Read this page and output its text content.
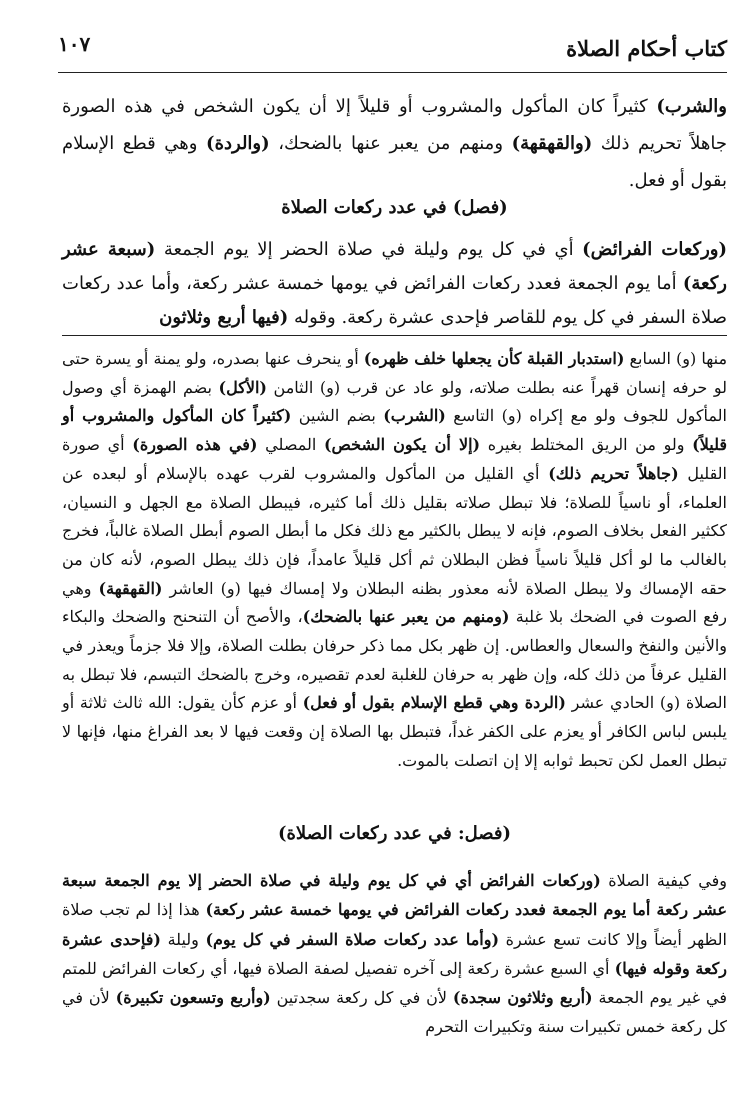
كتاب أحكام الصلاة
١٠٧

والشرب) كثيراً كان المأكول والمشروب أو قليلاً إلا أن يكون الشخص في هذه الصورة جاهلاً تحريم ذلك (والقهقهة) ومنهم من يعبر عنها بالضحك، (والردة) وهي قطع الإسلام بقول أو فعل.

(فصل) في عدد ركعات الصلاة

(وركعات الفرائض) أي في كل يوم وليلة في صلاة الحضر إلا يوم الجمعة (سبعة عشر ركعة) أما يوم الجمعة فعدد ركعات الفرائض في يومها خمسة عشر ركعة، وأما عدد ركعات صلاة السفر في كل يوم للقاصر فإحدى عشرة ركعة. وقوله (فيها أربع وثلاثون

منها (و) السابع (استدبار القبلة كأن يجعلها خلف ظهره) أو ينحرف عنها بصدره، ولو يمنة أو يسرة حتى لو حرفه إنسان قهراً عنه بطلت صلاته، ولو عاد عن قرب (و) الثامن (الأكل) بضم الهمزة أي وصول المأكول للجوف ولو مع إكراه (و) التاسع (الشرب) بضم الشين (كثيراً كان المأكول والمشروب أو قليلاً) ولو من الريق المختلط بغيره (إلا أن يكون الشخص) المصلي (في هذه الصورة) أي صورة القليل (جاهلاً تحريم ذلك) أي القليل من المأكول والمشروب لقرب عهده بالإسلام أو لبعده عن العلماء، أو ناسياً للصلاة؛ فلا تبطل صلاته بقليل ذلك أما كثيره، فيبطل الصلاة مع الجهل و النسيان، ككثير الفعل بخلاف الصوم، فإنه لا يبطل بالكثير مع ذلك فكل ما أبطل الصوم أبطل الصلاة غالباً، فخرج بالغالب ما لو أكل قليلاً ناسياً فظن البطلان ثم أكل قليلاً عامداً، فإن ذلك يبطل الصوم، لأنه كان من حقه الإمساك ولا يبطل الصلاة لأنه معذور بظنه البطلان ولا إمساك فيها (و) العاشر (القهقهة) وهي رفع الصوت في الضحك بلا غلبة (ومنهم من يعبر عنها بالضحك)، والأصح أن التنحنح والضحك والبكاء والأنين والنفخ والسعال والعطاس. إن ظهر بكل مما ذكر حرفان بطلت الصلاة، وإلا فلا جزماً ويعذر في القليل عرفاً من ذلك كله، وإن ظهر به حرفان للغلبة لعدم تقصيره، وخرج بالضحك التبسم، فلا تبطل به الصلاة (و) الحادي عشر (الردة وهي قطع الإسلام بقول أو فعل) أو عزم كأن يقول: الله ثالث ثلاثة أو يلبس لباس الكافر أو يعزم على الكفر غداً، فتبطل بها الصلاة إن وقعت فيها لا بعد الفراغ منها، فإنها لا تبطل العمل لكن تحبط ثوابه إلا إن اتصلت بالموت.

(فصل: في عدد ركعات الصلاة)

وفي كيفية الصلاة (وركعات الفرائض أي في كل يوم وليلة في صلاة الحضر إلا يوم الجمعة سبعة عشر ركعة أما يوم الجمعة فعدد ركعات الفرائض في يومها خمسة عشر ركعة) هذا إذا لم تجب صلاة الظهر أيضاً وإلا كانت تسع عشرة (وأما عدد ركعات صلاة السفر في كل يوم) وليلة (فإحدى عشرة ركعة وقوله فيها) أي السبع عشرة ركعة إلى آخره تفصيل لصفة الصلاة فيها، أي ركعات الفرائض للمتم في غير يوم الجمعة (أربع وثلاثون سجدة) لأن في كل ركعة سجدتين (وأربع وتسعون تكبيرة) لأن في كل ركعة خمس تكبيرات سنة وتكبيرات التحرم
